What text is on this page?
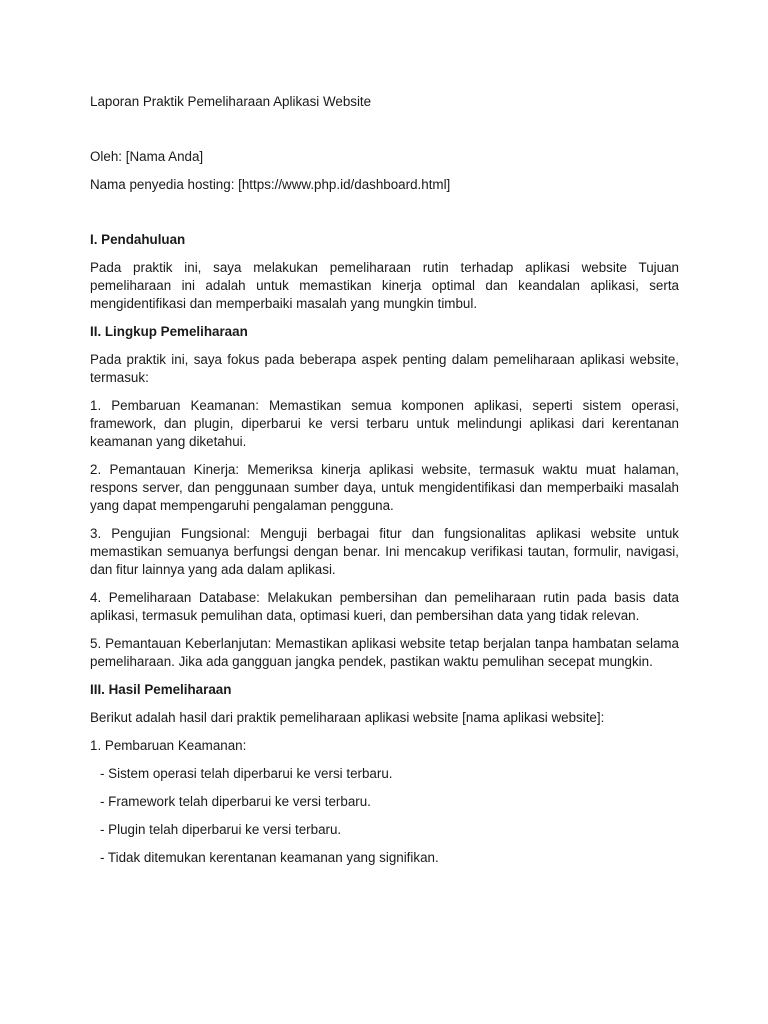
Laporan Praktik Pemeliharaan Aplikasi Website

Oleh: [Nama Anda]

Nama penyedia hosting: [https://www.php.id/dashboard.html]

I. Pendahuluan

Pada praktik ini, saya melakukan pemeliharaan rutin terhadap aplikasi website Tujuan pemeliharaan ini adalah untuk memastikan kinerja optimal dan keandalan aplikasi, serta mengidentifikasi dan memperbaiki masalah yang mungkin timbul.

II. Lingkup Pemeliharaan

Pada praktik ini, saya fokus pada beberapa aspek penting dalam pemeliharaan aplikasi website, termasuk:

1. Pembaruan Keamanan: Memastikan semua komponen aplikasi, seperti sistem operasi, framework, dan plugin, diperbarui ke versi terbaru untuk melindungi aplikasi dari kerentanan keamanan yang diketahui.

2. Pemantauan Kinerja: Memeriksa kinerja aplikasi website, termasuk waktu muat halaman, respons server, dan penggunaan sumber daya, untuk mengidentifikasi dan memperbaiki masalah yang dapat mempengaruhi pengalaman pengguna.

3. Pengujian Fungsional: Menguji berbagai fitur dan fungsionalitas aplikasi website untuk memastikan semuanya berfungsi dengan benar. Ini mencakup verifikasi tautan, formulir, navigasi, dan fitur lainnya yang ada dalam aplikasi.

4. Pemeliharaan Database: Melakukan pembersihan dan pemeliharaan rutin pada basis data aplikasi, termasuk pemulihan data, optimasi kueri, dan pembersihan data yang tidak relevan.

5. Pemantauan Keberlanjutan: Memastikan aplikasi website tetap berjalan tanpa hambatan selama pemeliharaan. Jika ada gangguan jangka pendek, pastikan waktu pemulihan secepat mungkin.

III. Hasil Pemeliharaan

Berikut adalah hasil dari praktik pemeliharaan aplikasi website [nama aplikasi website]:

1. Pembaruan Keamanan:

- Sistem operasi telah diperbarui ke versi terbaru.

- Framework telah diperbarui ke versi terbaru.

- Plugin telah diperbarui ke versi terbaru.

- Tidak ditemukan kerentanan keamanan yang signifikan.
